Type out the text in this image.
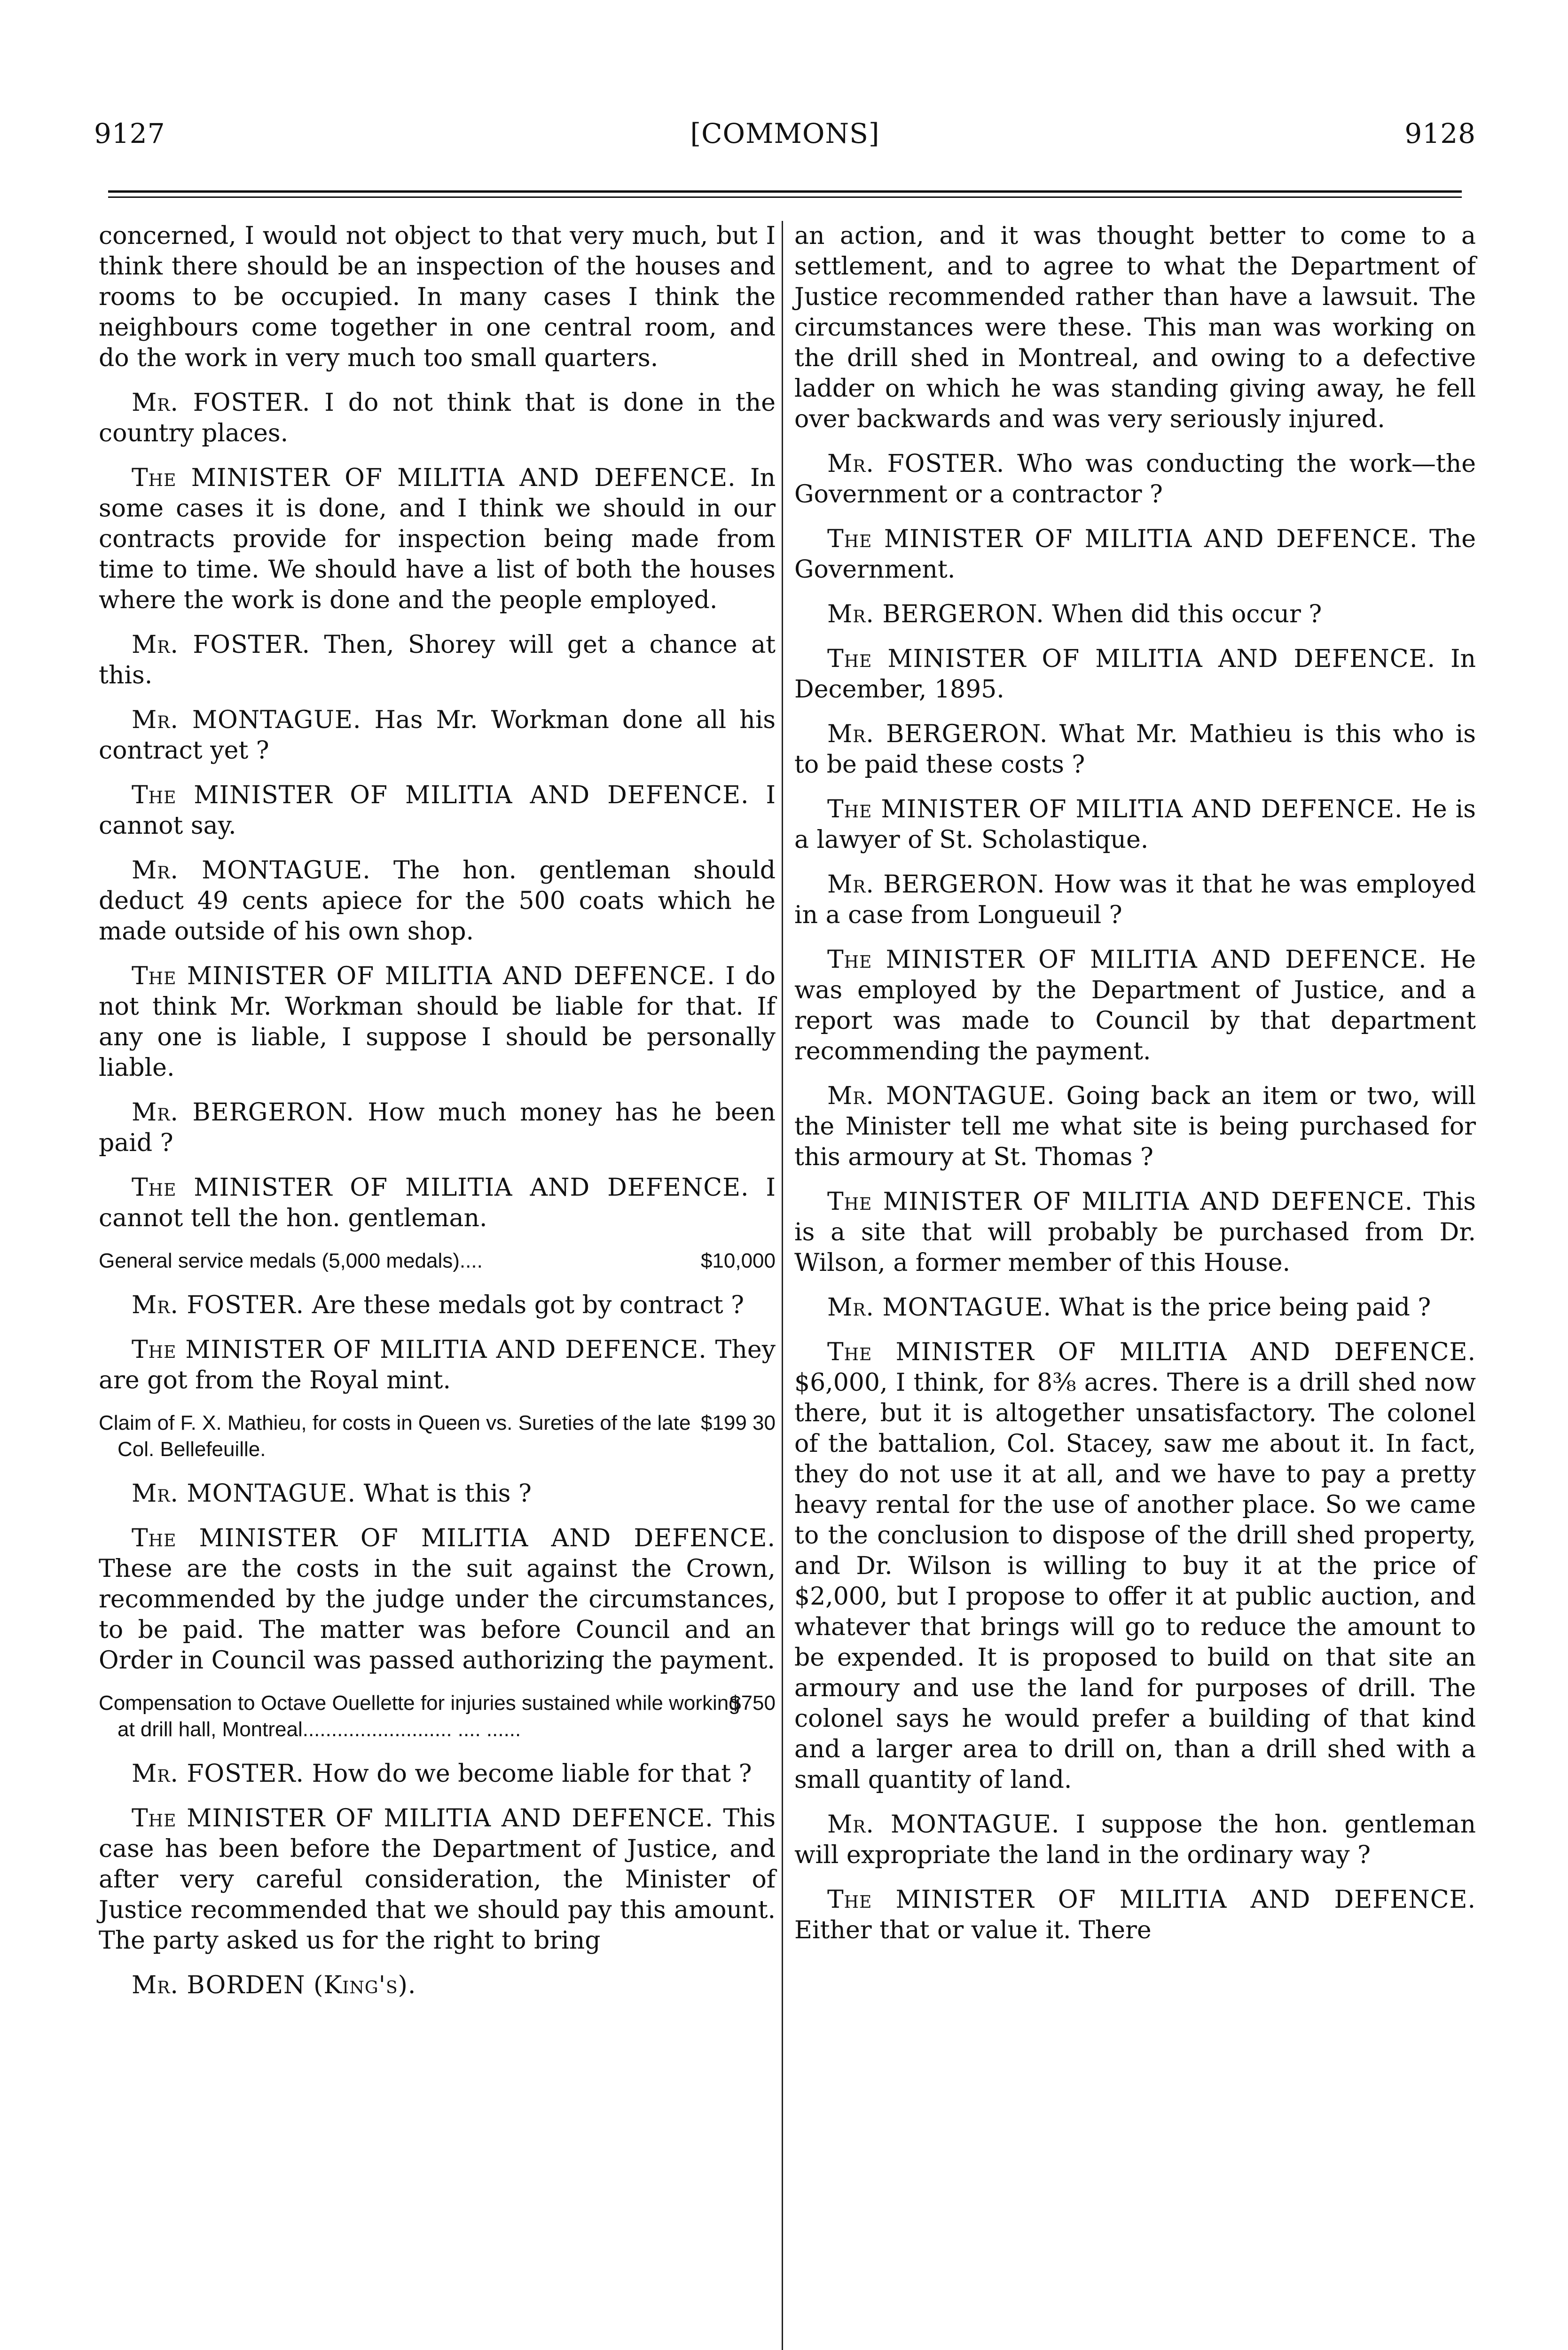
9127	[COMMONS]	9128

concerned, I would not object to that very much, but I think there should be an inspection of the houses and rooms to be occupied. In many cases I think the neighbours come together in one central room, and do the work in very much too small quarters.

Mr. FOSTER. I do not think that is done in the country places.

The MINISTER OF MILITIA AND DEFENCE. In some cases it is done, and I think we should in our contracts provide for inspection being made from time to time. We should have a list of both the houses where the work is done and the people employed.

Mr. FOSTER. Then, Shorey will get a chance at this.

Mr. MONTAGUE. Has Mr. Workman done all his contract yet ?

The MINISTER OF MILITIA AND DEFENCE. I cannot say.

Mr. MONTAGUE. The hon. gentleman should deduct 49 cents apiece for the 500 coats which he made outside of his own shop.

The MINISTER OF MILITIA AND DEFENCE. I do not think Mr. Workman should be liable for that. If any one is liable, I suppose I should be personally liable.

Mr. BERGERON. How much money has he been paid ?

The MINISTER OF MILITIA AND DEFENCE. I cannot tell the hon. gentleman.

$10,000
General service medals (5,000 medals)....

Mr. FOSTER. Are these medals got by contract ?

The MINISTER OF MILITIA AND DEFENCE. They are got from the Royal mint.

$199 30
Claim of F. X. Mathieu, for costs in Queen vs. Sureties of the late Col. Bellefeuille.

Mr. MONTAGUE. What is this ?

The MINISTER OF MILITIA AND DEFENCE. These are the costs in the suit against the Crown, recommended by the judge under the circumstances, to be paid. The matter was before Council and an Order in Council was passed authorizing the payment.

$750
Compensation to Octave Ouellette for injuries sustained while working at drill hall, Montreal.......................... .... ......

Mr. FOSTER. How do we become liable for that ?

The MINISTER OF MILITIA AND DEFENCE. This case has been before the Department of Justice, and after very careful consideration, the Minister of Justice recommended that we should pay this amount. The party asked us for the right to bring

Mr. BORDEN (King's).

an action, and it was thought better to come to a settlement, and to agree to what the Department of Justice recommended rather than have a lawsuit. The circumstances were these. This man was working on the drill shed in Montreal, and owing to a defective ladder on which he was standing giving away, he fell over backwards and was very seriously injured.

Mr. FOSTER. Who was conducting the work—the Government or a contractor ?

The MINISTER OF MILITIA AND DEFENCE. The Government.

Mr. BERGERON. When did this occur ?

The MINISTER OF MILITIA AND DEFENCE. In December, 1895.

Mr. BERGERON. What Mr. Mathieu is this who is to be paid these costs ?

The MINISTER OF MILITIA AND DEFENCE. He is a lawyer of St. Scholastique.

Mr. BERGERON. How was it that he was employed in a case from Longueuil ?

The MINISTER OF MILITIA AND DEFENCE. He was employed by the Department of Justice, and a report was made to Council by that department recommending the payment.

Mr. MONTAGUE. Going back an item or two, will the Minister tell me what site is being purchased for this armoury at St. Thomas ?

The MINISTER OF MILITIA AND DEFENCE. This is a site that will probably be purchased from Dr. Wilson, a former member of this House.

Mr. MONTAGUE. What is the price being paid ?

The MINISTER OF MILITIA AND DEFENCE. $6,000, I think, for 8⅜ acres. There is a drill shed now there, but it is altogether unsatisfactory. The colonel of the battalion, Col. Stacey, saw me about it. In fact, they do not use it at all, and we have to pay a pretty heavy rental for the use of another place. So we came to the conclusion to dispose of the drill shed property, and Dr. Wilson is willing to buy it at the price of $2,000, but I propose to offer it at public auction, and whatever that brings will go to reduce the amount to be expended. It is proposed to build on that site an armoury and use the land for purposes of drill. The colonel says he would prefer a building of that kind and a larger area to drill on, than a drill shed with a small quantity of land.

Mr. MONTAGUE. I suppose the hon. gentleman will expropriate the land in the ordinary way ?

The MINISTER OF MILITIA AND DEFENCE. Either that or value it. There
